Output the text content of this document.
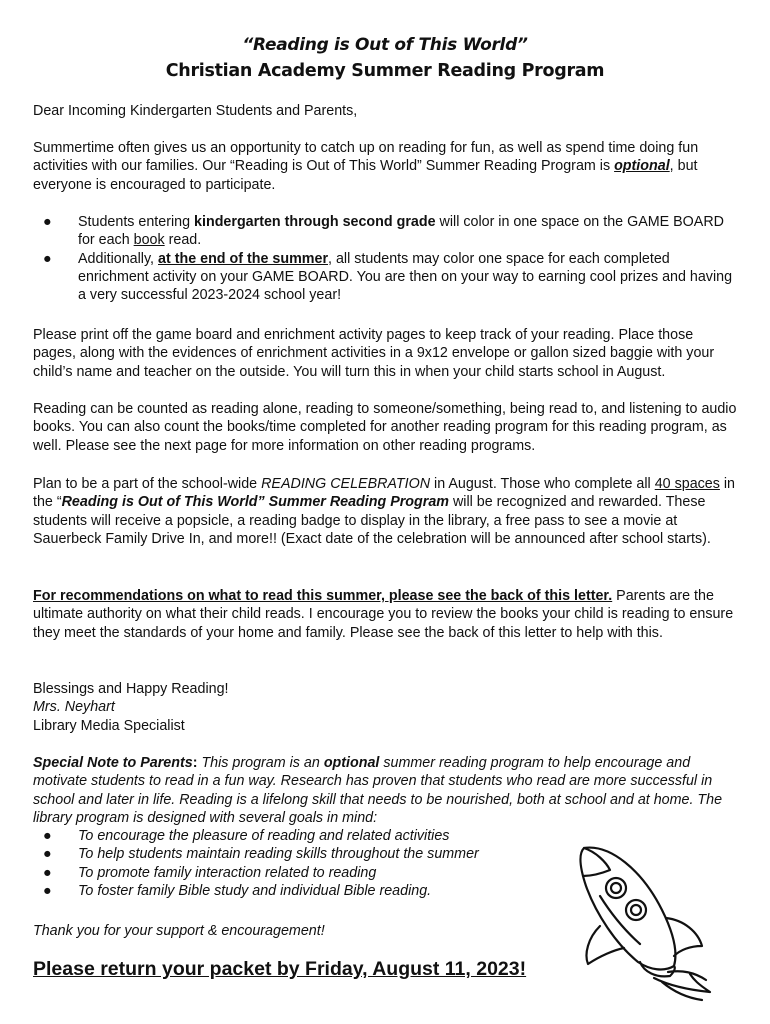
“Reading is Out of This World”
Christian Academy Summer Reading Program
Dear Incoming Kindergarten Students and Parents,
Summertime often gives us an opportunity to catch up on reading for fun, as well as spend time doing fun activities with our families. Our “Reading is Out of This World” Summer Reading Program is optional, but everyone is encouraged to participate.
● Students entering kindergarten through second grade will color in one space on the GAME BOARD for each book read.
● Additionally, at the end of the summer, all students may color one space for each completed enrichment activity on your GAME BOARD. You are then on your way to earning cool prizes and having a very successful 2023-2024 school year!
Please print off the game board and enrichment activity pages to keep track of your reading. Place those pages, along with the evidences of enrichment activities in a 9x12 envelope or gallon sized baggie with your child’s name and teacher on the outside. You will turn this in when your child starts school in August.
Reading can be counted as reading alone, reading to someone/something, being read to, and listening to audio books. You can also count the books/time completed for another reading program for this reading program, as well. Please see the next page for more information on other reading programs.
Plan to be a part of the school-wide READING CELEBRATION in August. Those who complete all 40 spaces in the “Reading is Out of This World” Summer Reading Program will be recognized and rewarded. These students will receive a popsicle, a reading badge to display in the library, a free pass to see a movie at Sauerbeck Family Drive In, and more!! (Exact date of the celebration will be announced after school starts).
For recommendations on what to read this summer, please see the back of this letter. Parents are the ultimate authority on what their child reads. I encourage you to review the books your child is reading to ensure they meet the standards of your home and family. Please see the back of this letter to help with this.
Blessings and Happy Reading!
Mrs. Neyhart
Library Media Specialist
Special Note to Parents: This program is an optional summer reading program to help encourage and motivate students to read in a fun way. Research has proven that students who read are more successful in school and later in life. Reading is a lifelong skill that needs to be nourished, both at school and at home. The library program is designed with several goals in mind:
● To encourage the pleasure of reading and related activities
● To help students maintain reading skills throughout the summer
● To promote family interaction related to reading
● To foster family Bible study and individual Bible reading.
Thank you for your support & encouragement!
Please return your packet by Friday, August 11, 2023!
